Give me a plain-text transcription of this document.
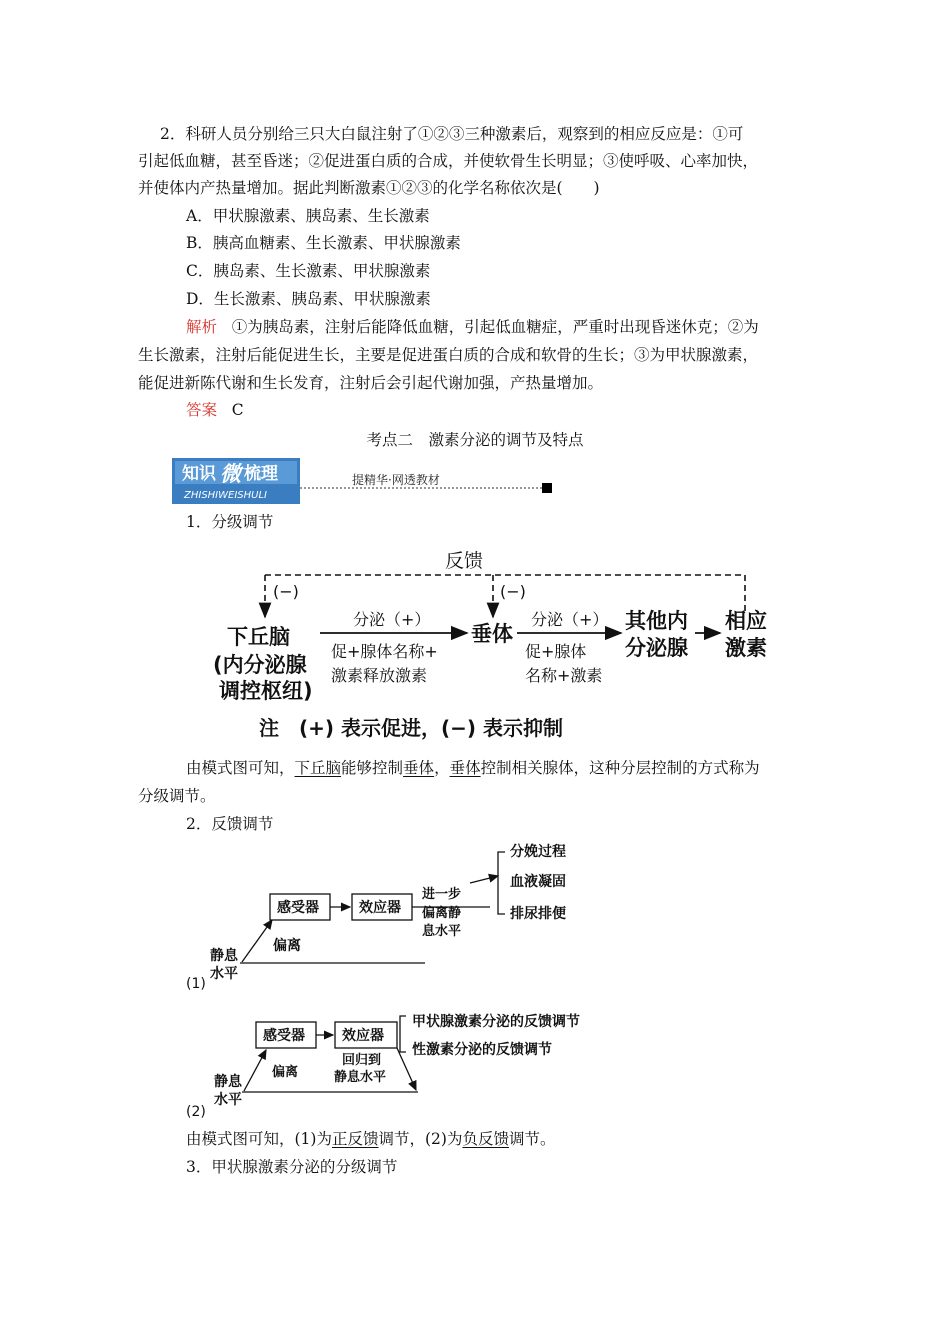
2．科研人员分别给三只大白鼠注射了①②③三种激素后，观察到的相应反应是：①可
引起低血糖，甚至昏迷；②促进蛋白质的合成，并使软骨生长明显；③使呼吸、心率加快，
并使体内产热量增加。据此判断激素①②③的化学名称依次是(　　)
A．甲状腺激素、胰岛素、生长激素
B．胰高血糖素、生长激素、甲状腺激素
C．胰岛素、生长激素、甲状腺激素
D．生长激素、胰岛素、甲状腺激素
解析 ①为胰岛素，注射后能降低血糖，引起低血糖症，严重时出现昏迷休克；②为
生长激素，注射后能促进生长，主要是促进蛋白质的合成和软骨的生长；③为甲状腺激素，
能促进新陈代谢和生长发育，注射后会引起代谢加强，产热量增加。
答案 C
考点二　激素分泌的调节及特点
知识 微 梳理
ZHISHIWEISHULI
提精华·网透教材
1．分级调节
反馈
(−)	(−)
下丘脑
(内分泌腺
调控枢纽)
分泌（+）
促+腺体名称+
激素释放激素
垂体
分泌（+）
促+腺体
名称+激素
其他内
分泌腺
相应
激素
注　(+) 表示促进，(−) 表示抑制
由模式图可知，下丘脑能够控制垂体，垂体控制相关腺体，这种分层控制的方式称为
分级调节。
2．反馈调节
偏离
感受器	效应器
进一步
偏离静
息水平
分娩过程
血液凝固
排尿排便
静息
水平
(1)
偏离
感受器	效应器
回归到
静息水平
甲状腺激素分泌的反馈调节
性激素分泌的反馈调节
静息
水平
(2)
由模式图可知，(1)为正反馈调节，(2)为负反馈调节。
3．甲状腺激素分泌的分级调节
